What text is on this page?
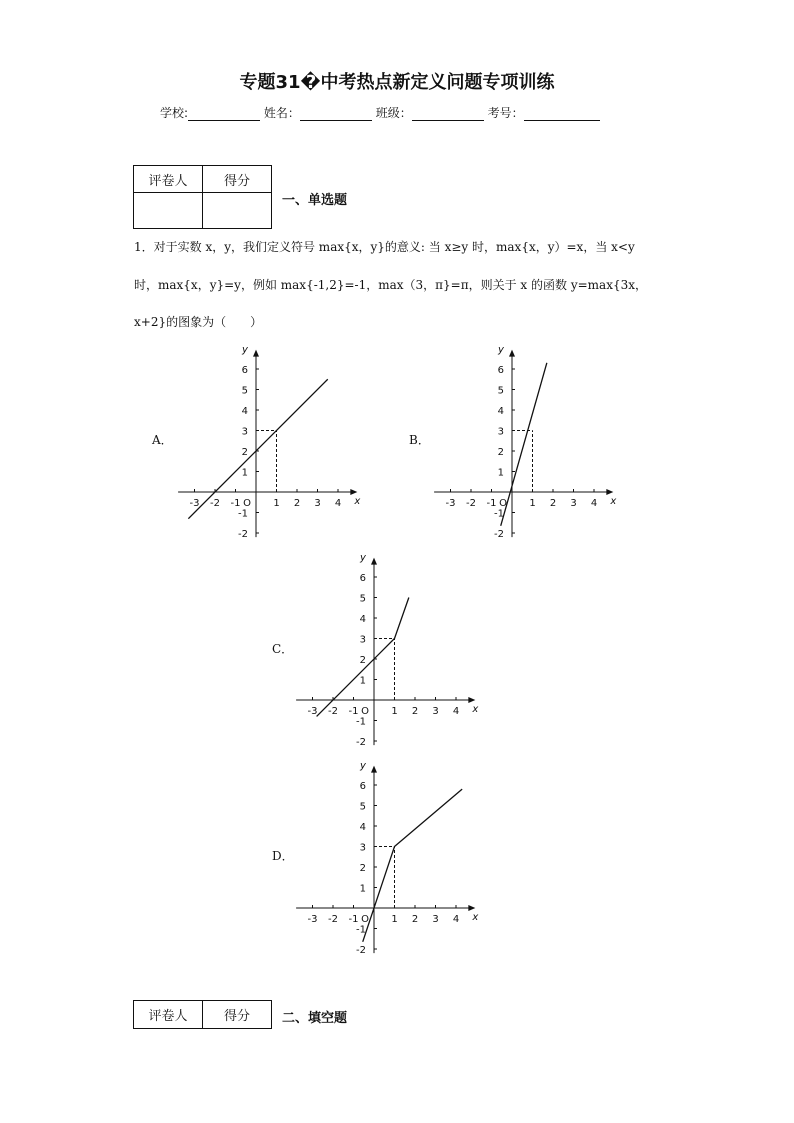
专题31�中考热点新定义问题专项训练
学校:	姓名：	班级：	考号：
评卷人	得分

一、单选题
1．对于实数 x，y，我们定义符号 max{x，y}的意义: 当 x≥y 时，max{x，y）=x，当 x<y
时，max{x，y}=y，例如 max{-1,2}=-1，max（3，π}=π，则关于 x 的函数 y=max{3x，
x+2}的图象为（　　）
A．	B．
C．
D．
x
y
-3 -2 -1 O 1 2 3 4
-2
-1
1
2
3
4
5
6
x
y
-3 -2 -1 O 1 2 3 4
-2
-1
1
2
3
4
5
6
x
y
-3 -2 -1 O 1 2 3 4
-2
-1
1
2
3
4
5
6
x
y
-3 -2 -1 O 1 2 3 4
-2
-1
1
2
3
4
5
6
评卷人	得分 二、填空题
